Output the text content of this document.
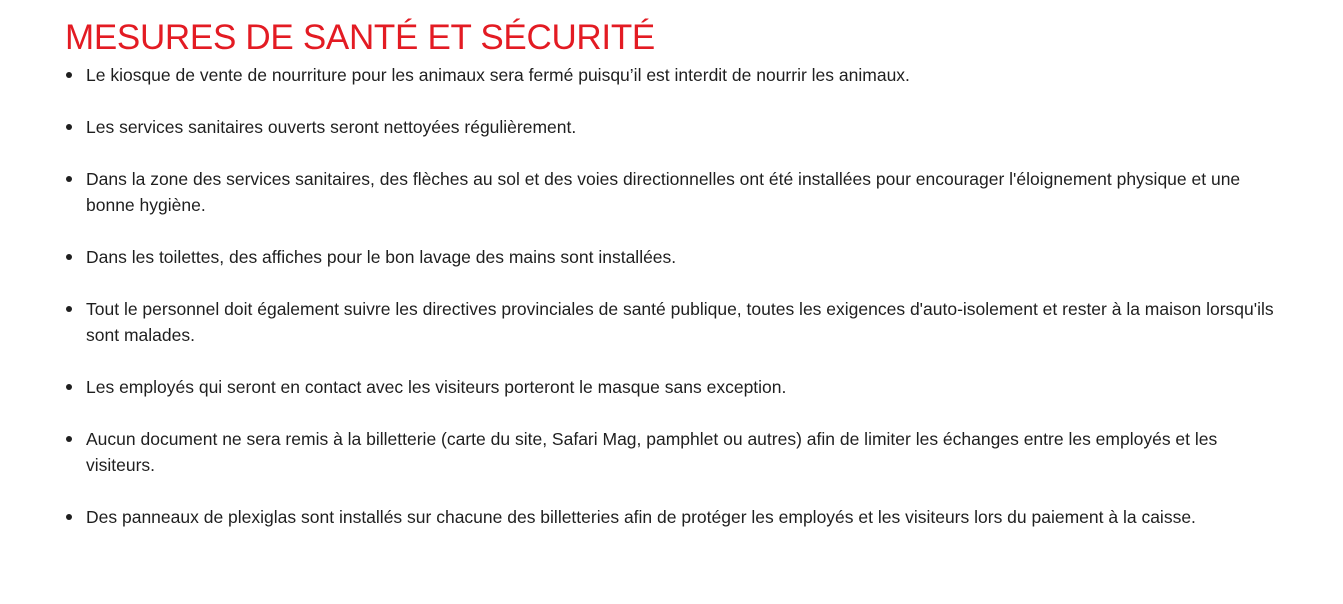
MESURES DE SANTÉ ET SÉCURITÉ
Le kiosque de vente de nourriture pour les animaux sera fermé puisqu’il est interdit de nourrir les animaux.
Les services sanitaires ouverts seront nettoyées régulièrement.
Dans la zone des services sanitaires, des flèches au sol et des voies directionnelles ont été installées pour encourager l'éloignement physique et une bonne hygiène.
Dans les toilettes, des affiches pour le bon lavage des mains sont installées.
Tout le personnel doit également suivre les directives provinciales de santé publique, toutes les exigences d'auto-isolement et rester à la maison lorsqu'ils sont malades.
Les employés qui seront en contact avec les visiteurs porteront le masque sans exception.
Aucun document ne sera remis à la billetterie (carte du site, Safari Mag, pamphlet ou autres) afin de limiter les échanges entre les employés et les visiteurs.
Des panneaux de plexiglas sont installés sur chacune des billetteries afin de protéger les employés et les visiteurs lors du paiement à la caisse.
